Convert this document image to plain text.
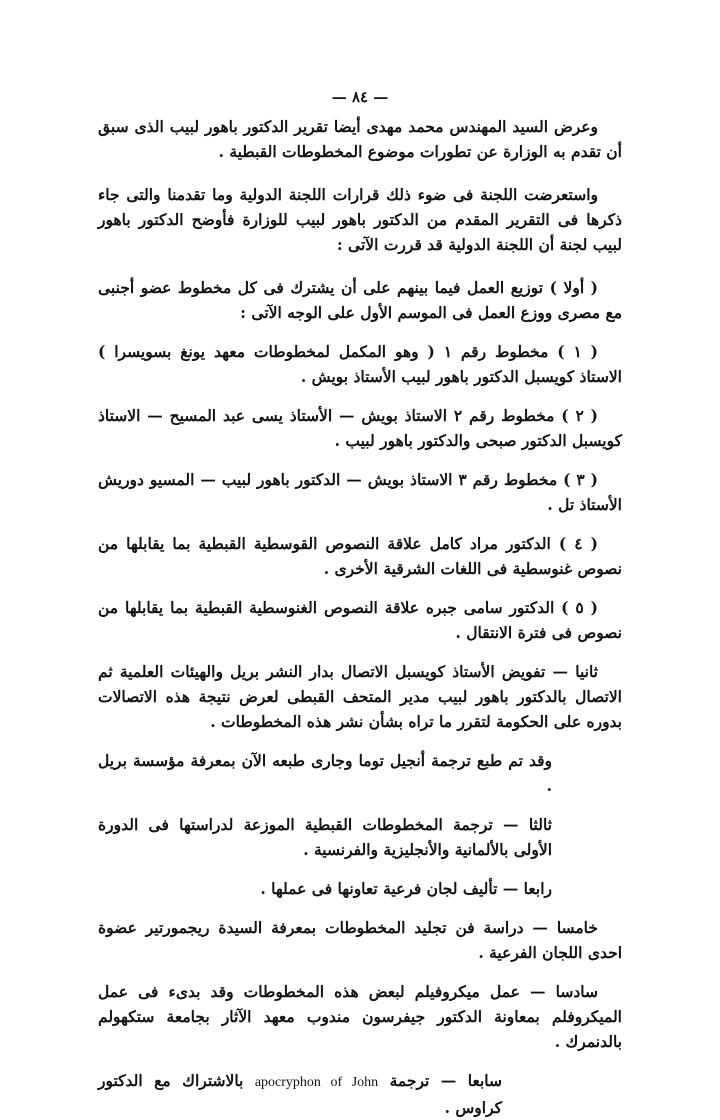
— ٨٤ —

وعرض السيد المهندس محمد مهدى أيضا تقرير الدكتور باهور لبيب الذى سبق أن تقدم به الوزارة عن تطورات موضوع المخطوطات القبطية .

واستعرضت اللجنة فى ضوء ذلك قرارات اللجنة الدولية وما تقدمنا والتى جاء ذكرها فى التقرير المقدم من الدكتور باهور لبيب للوزارة فأوضح الدكتور باهور لبيب لجنة أن اللجنة الدولية قد قررت الآتى :

( أولا ) توزيع العمل فيما بينهم على أن يشترك فى كل مخطوط عضو أجنبى مع مصرى ووزع العمل فى الموسم الأول على الوجه الآتى :

( ١ ) مخطوط رقم ١ ( وهو المكمل لمخطوطات معهد يونغ بسويسرا ) الاستاذ كويسبل الدكتور باهور لبيب الأستاذ بويش .

( ٢ ) مخطوط رقم ٢ الاستاذ بويش — الأستاذ يسى عبد المسيح — الاستاذ كويسبل الدكتور صبحى والدكتور باهور لبيب .

( ٣ ) مخطوط رقم ٣ الاستاذ بويش — الدكتور باهور لبيب — المسيو دوريش الأستاذ تل .

( ٤ ) الدكتور مراد كامل علاقة النصوص القوسطية القبطية بما يقابلها من نصوص غنوسطية فى اللغات الشرقية الأخرى .

( ٥ ) الدكتور سامى جبره علاقة النصوص الغنوسطية القبطية بما يقابلها من نصوص فى فترة الانتقال .

ثانيا — تفويض الأستاذ كويسبل الاتصال بدار النشر بريل والهيئات العلمية ثم الاتصال بالدكتور باهور لبيب مدير المتحف القبطى لعرض نتيجة هذه الاتصالات بدوره على الحكومة لتقرر ما تراه بشأن نشر هذه المخطوطات .

وقد تم طبع ترجمة أنجيل توما وجارى طبعه الآن بمعرفة مؤسسة بريل .

ثالثا — ترجمة المخطوطات القبطية الموزعة لدراستها فى الدورة الأولى بالألمانية والأنجليزية والفرنسية .

رابعا — تأليف لجان فرعية تعاونها فى عملها .

خامسا — دراسة فن تجليد المخطوطات بمعرفة السيدة ريجمورتير عضوة احدى اللجان الفرعية .

سادسا — عمل ميكروفيلم لبعض هذه المخطوطات وقد بدىء فى عمل الميكروفلم بمعاونة الدكتور جيفرسون مندوب معهد الآثار بجامعة ستكهولم بالدنمرك .

سابعا — ترجمة apocryphon of John بالاشتراك مع الدكتور كراوس .
